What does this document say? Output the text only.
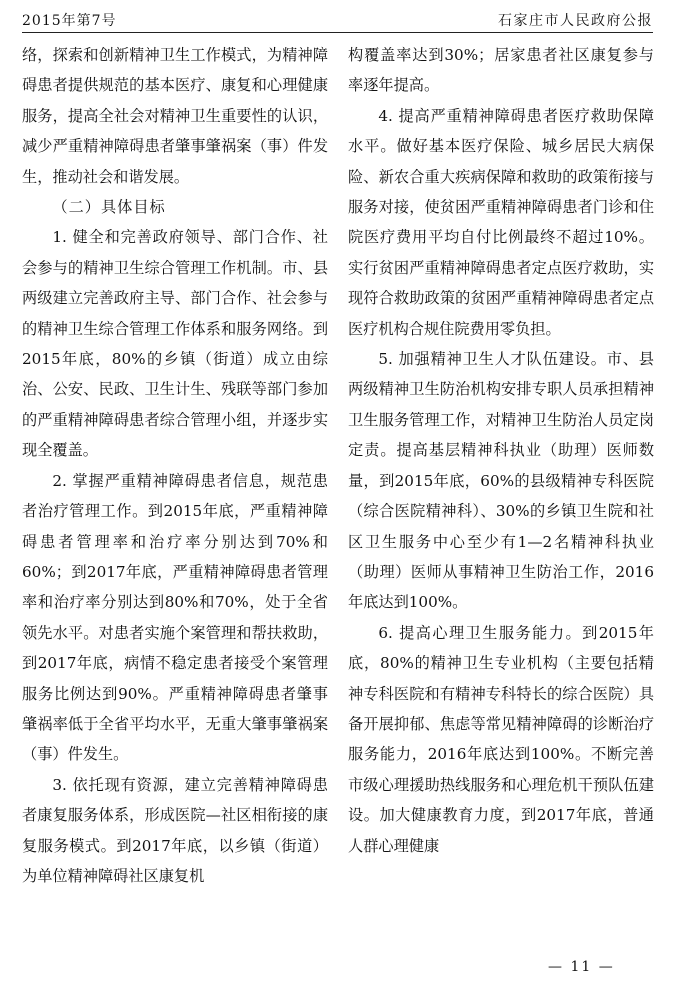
2015年第7号	石家庄市人民政府公报

络，探索和创新精神卫生工作模式，为精神障碍患者提供规范的基本医疗、康复和心理健康服务，提高全社会对精神卫生重要性的认识，减少严重精神障碍患者肇事肇祸案（事）件发生，推动社会和谐发展。

（二）具体目标

1. 健全和完善政府领导、部门合作、社会参与的精神卫生综合管理工作机制。市、县两级建立完善政府主导、部门合作、社会参与的精神卫生综合管理工作体系和服务网络。到2015年底，80%的乡镇（街道）成立由综治、公安、民政、卫生计生、残联等部门参加的严重精神障碍患者综合管理小组，并逐步实现全覆盖。

2. 掌握严重精神障碍患者信息，规范患者治疗管理工作。到2015年底，严重精神障碍患者管理率和治疗率分别达到70%和60%；到2017年底，严重精神障碍患者管理率和治疗率分别达到80%和70%，处于全省领先水平。对患者实施个案管理和帮扶救助，到2017年底，病情不稳定患者接受个案管理服务比例达到90%。严重精神障碍患者肇事肇祸率低于全省平均水平，无重大肇事肇祸案（事）件发生。

3. 依托现有资源，建立完善精神障碍患者康复服务体系，形成医院—社区相衔接的康复服务模式。到2017年底，以乡镇（街道）为单位精神障碍社区康复机

构覆盖率达到30%；居家患者社区康复参与率逐年提高。

4. 提高严重精神障碍患者医疗救助保障水平。做好基本医疗保险、城乡居民大病保险、新农合重大疾病保障和救助的政策衔接与服务对接，使贫困严重精神障碍患者门诊和住院医疗费用平均自付比例最终不超过10%。实行贫困严重精神障碍患者定点医疗救助，实现符合救助政策的贫困严重精神障碍患者定点医疗机构合规住院费用零负担。

5. 加强精神卫生人才队伍建设。市、县两级精神卫生防治机构安排专职人员承担精神卫生服务管理工作，对精神卫生防治人员定岗定责。提高基层精神科执业（助理）医师数量，到2015年底，60%的县级精神专科医院（综合医院精神科）、30%的乡镇卫生院和社区卫生服务中心至少有1—2名精神科执业（助理）医师从事精神卫生防治工作，2016年底达到100%。

6. 提高心理卫生服务能力。到2015年底，80%的精神卫生专业机构（主要包括精神专科医院和有精神专科特长的综合医院）具备开展抑郁、焦虑等常见精神障碍的诊断治疗服务能力，2016年底达到100%。不断完善市级心理援助热线服务和心理危机干预队伍建设。加大健康教育力度，到2017年底，普通人群心理健康

— 11 —
